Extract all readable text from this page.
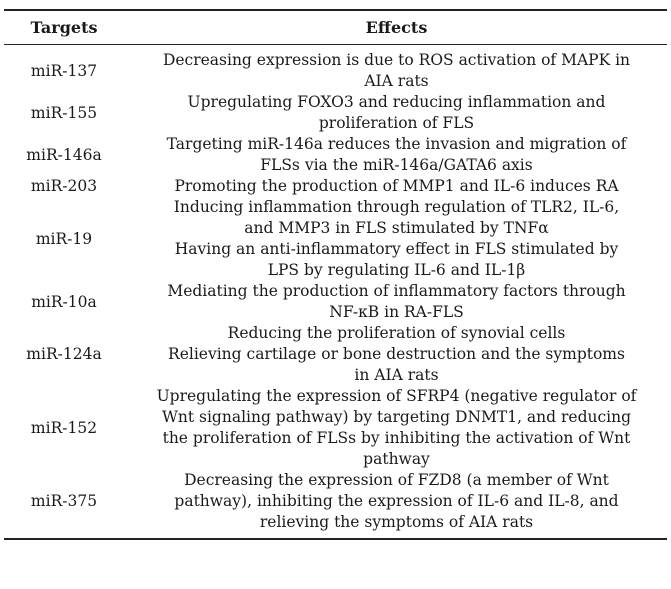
Targets	Effects
miR-137
Decreasing expression is due to ROS activation of MAPK in
AIA rats
miR-155
Upregulating FOXO3 and reducing inflammation and
proliferation of FLS
miR-146a
Targeting miR-146a reduces the invasion and migration of
FLSs via the miR-146a/GATA6 axis
miR-203	Promoting the production of MMP1 and IL-6 induces RA
miR-19
Inducing inflammation through regulation of TLR2, IL-6,
and MMP3 in FLS stimulated by TNFα
Having an anti-inflammatory effect in FLS stimulated by
LPS by regulating IL-6 and IL-1β
miR-10a
Mediating the production of inflammatory factors through
NF-κB in RA-FLS
miR-124a
Reducing the proliferation of synovial cells
Relieving cartilage or bone destruction and the symptoms
in AIA rats
miR-152
Upregulating the expression of SFRP4 (negative regulator of
Wnt signaling pathway) by targeting DNMT1, and reducing
the proliferation of FLSs by inhibiting the activation of Wnt
pathway
miR-375
Decreasing the expression of FZD8 (a member of Wnt
pathway), inhibiting the expression of IL-6 and IL-8, and
relieving the symptoms of AIA rats
